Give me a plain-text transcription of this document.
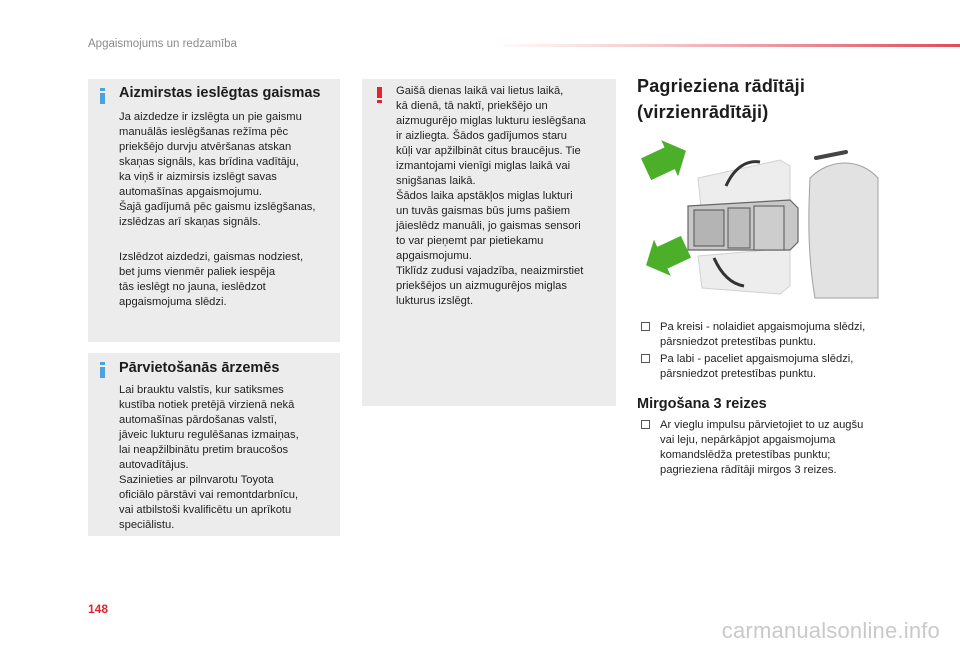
Apgaismojums un redzamība
Aizmirstas ieslēgtas gaismas
Ja aizdedze ir izslēgta un pie gaismu
manuālās ieslēgšanas režīma pēc
priekšējo durvju atvēršanas atskan
skaņas signāls, kas brīdina vadītāju,
ka viņš ir aizmirsis izslēgt savas
automašīnas apgaismojumu.
Šajā gadījumā pēc gaismu izslēgšanas,
izslēdzas arī skaņas signāls.
Izslēdzot aizdedzi, gaismas nodziest,
bet jums vienmēr paliek iespēja
tās ieslēgt no jauna, ieslēdzot
apgaismojuma slēdzi.
Pārvietošanās ārzemēs
Lai brauktu valstīs, kur satiksmes
kustība notiek pretējā virzienā nekā
automašīnas pārdošanas valstī,
jāveic lukturu regulēšanas izmaiņas,
lai neapžilbinātu pretim braucošos
autovadītājus.
Sazinieties ar pilnvarotu Toyota
oficiālo pārstāvi vai remontdarbnīcu,
vai atbilstoši kvalificētu un aprīkotu
speciālistu.
Gaišā dienas laikā vai lietus laikā,
kā dienā, tā naktī, priekšējo un
aizmugurējo miglas lukturu ieslēgšana
ir aizliegta. Šādos gadījumos staru
kūļi var apžilbināt citus braucējus. Tie
izmantojami vienīgi miglas laikā vai
snigšanas laikā.
Šādos laika apstākļos miglas lukturi
un tuvās gaismas būs jums pašiem
jāieslēdz manuāli, jo gaismas sensori
to var pieņemt par pietiekamu
apgaismojumu.
Tiklīdz zudusi vajadzība, neaizmirstiet
priekšējos un aizmugurējos miglas
lukturus izslēgt.
Pagrieziena rādītāji
(virzienrādītāji)
Pa kreisi - nolaidiet apgaismojuma slēdzi,
pārsniedzot pretestības punktu.
Pa labi - paceliet apgaismojuma slēdzi,
pārsniedzot pretestības punktu.
Mirgošana 3 reizes
Ar vieglu impulsu pārvietojiet to uz augšu
vai leju, nepārkāpjot apgaismojuma
komandslēdža pretestības punktu;
pagrieziena rādītāji mirgos 3 reizes.
148
carmanualsonline.info
